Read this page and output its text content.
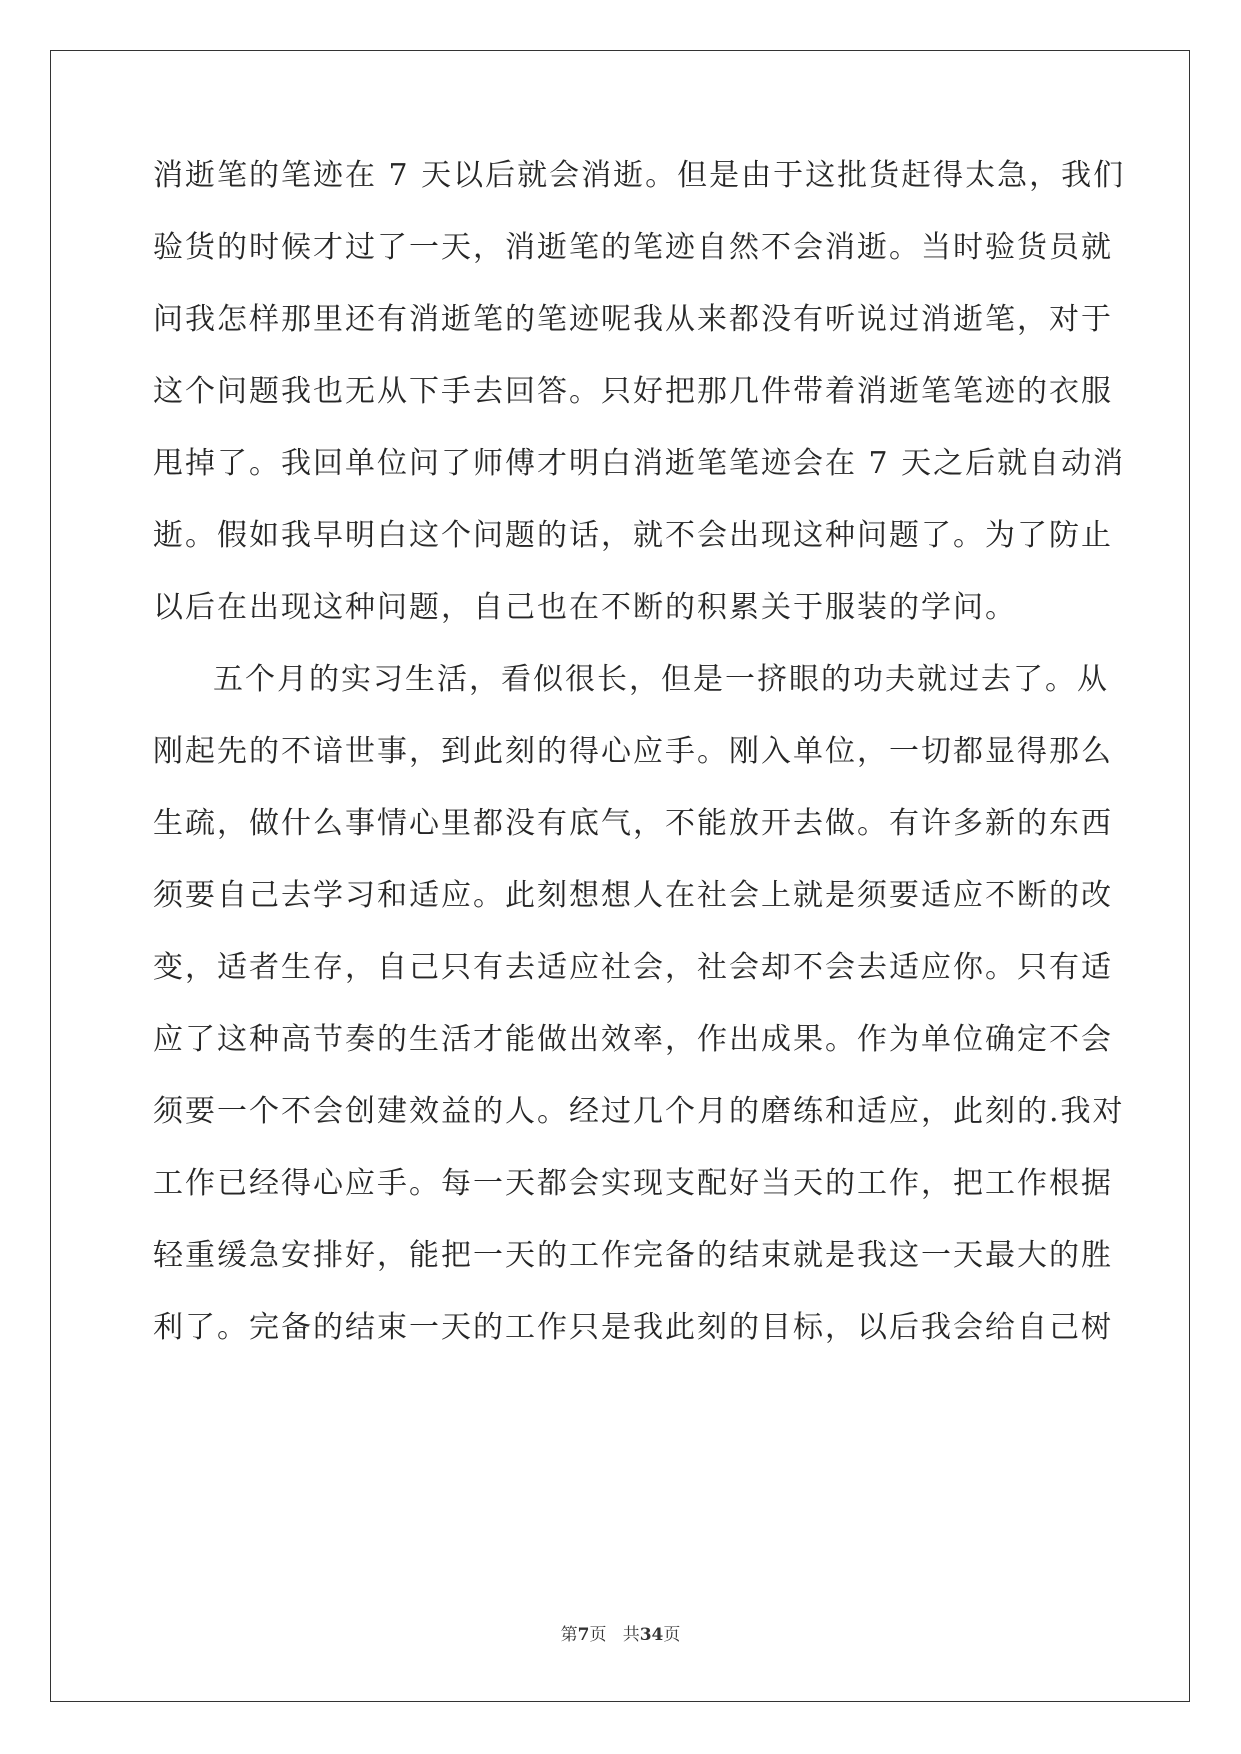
消逝笔的笔迹在 7 天以后就会消逝。但是由于这批货赶得太急，我们
验货的时候才过了一天，消逝笔的笔迹自然不会消逝。当时验货员就
问我怎样那里还有消逝笔的笔迹呢我从来都没有听说过消逝笔，对于
这个问题我也无从下手去回答。只好把那几件带着消逝笔笔迹的衣服
甩掉了。我回单位问了师傅才明白消逝笔笔迹会在 7 天之后就自动消
逝。假如我早明白这个问题的话，就不会出现这种问题了。为了防止
以后在出现这种问题，自己也在不断的积累关于服装的学问。
五个月的实习生活，看似很长，但是一挤眼的功夫就过去了。从
刚起先的不谙世事，到此刻的得心应手。刚入单位，一切都显得那么
生疏，做什么事情心里都没有底气，不能放开去做。有许多新的东西
须要自己去学习和适应。此刻想想人在社会上就是须要适应不断的改
变，适者生存，自己只有去适应社会，社会却不会去适应你。只有适
应了这种高节奏的生活才能做出效率，作出成果。作为单位确定不会
须要一个不会创建效益的人。经过几个月的磨练和适应，此刻的.我对
工作已经得心应手。每一天都会实现支配好当天的工作，把工作根据
轻重缓急安排好，能把一天的工作完备的结束就是我这一天最大的胜
利了。完备的结束一天的工作只是我此刻的目标，以后我会给自己树
第7页 共34页
